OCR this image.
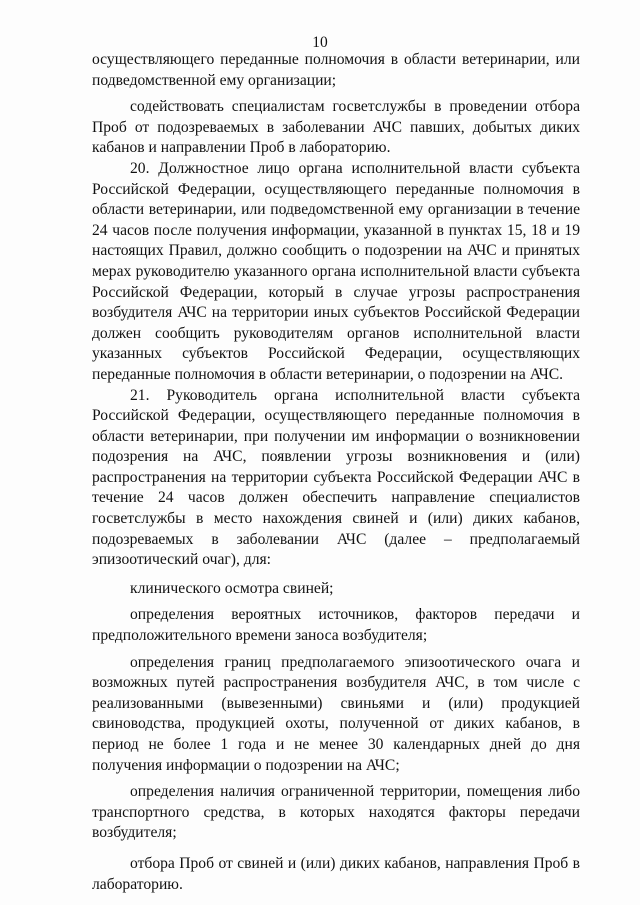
10

осуществляющего переданные полномочия в области ветеринарии, или подведомственной ему организации;

содействовать специалистам госветслужбы в проведении отбора Проб от подозреваемых в заболевании АЧС павших, добытых диких кабанов и направлении Проб в лабораторию.

20. Должностное лицо органа исполнительной власти субъекта Российской Федерации, осуществляющего переданные полномочия в области ветеринарии, или подведомственной ему организации в течение 24 часов после получения информации, указанной в пунктах 15, 18 и 19 настоящих Правил, должно сообщить о подозрении на АЧС и принятых мерах руководителю указанного органа исполнительной власти субъекта Российской Федерации, который в случае угрозы распространения возбудителя АЧС на территории иных субъектов Российской Федерации должен сообщить руководителям органов исполнительной власти указанных субъектов Российской Федерации, осуществляющих переданные полномочия в области ветеринарии, о подозрении на АЧС.

21. Руководитель органа исполнительной власти субъекта Российской Федерации, осуществляющего переданные полномочия в области ветеринарии, при получении им информации о возникновении подозрения на АЧС, появлении угрозы возникновения и (или) распространения на территории субъекта Российской Федерации АЧС в течение 24 часов должен обеспечить направление специалистов госветслужбы в место нахождения свиней и (или) диких кабанов, подозреваемых в заболевании АЧС (далее – предполагаемый эпизоотический очаг), для:

клинического осмотра свиней;

определения вероятных источников, факторов передачи и предположительного времени заноса возбудителя;

определения границ предполагаемого эпизоотического очага и возможных путей распространения возбудителя АЧС, в том числе с реализованными (вывезенными) свиньями и (или) продукцией свиноводства, продукцией охоты, полученной от диких кабанов, в период не более 1 года и не менее 30 календарных дней до дня получения информации о подозрении на АЧС;

определения наличия ограниченной территории, помещения либо транспортного средства, в которых находятся факторы передачи возбудителя;

отбора Проб от свиней и (или) диких кабанов, направления Проб в лабораторию.
